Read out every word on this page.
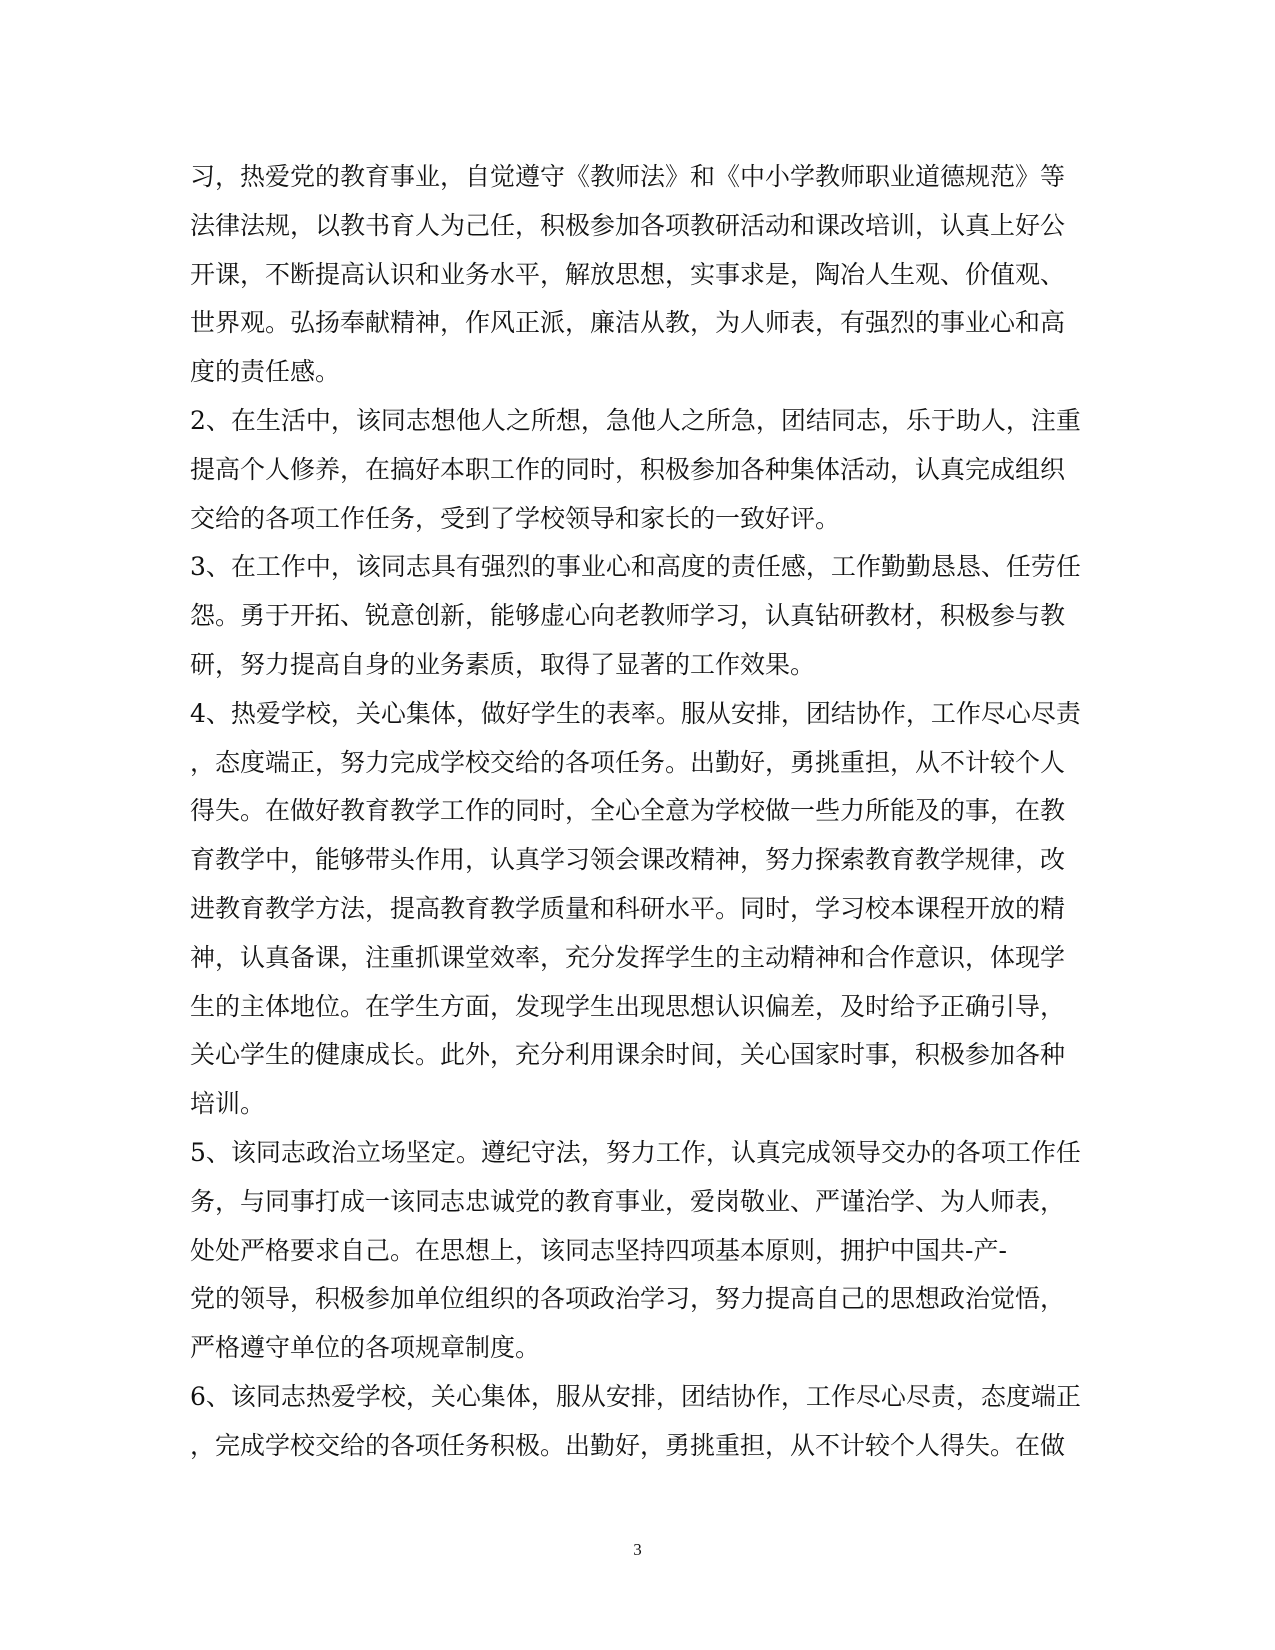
习，热爱党的教育事业，自觉遵守《教师法》和《中小学教师职业道德规范》等
法律法规，以教书育人为己任，积极参加各项教研活动和课改培训，认真上好公
开课，不断提高认识和业务水平，解放思想，实事求是，陶冶人生观、价值观、
世界观。弘扬奉献精神，作风正派，廉洁从教，为人师表，有强烈的事业心和高
度的责任感。
2、在生活中，该同志想他人之所想，急他人之所急，团结同志，乐于助人，注重
提高个人修养，在搞好本职工作的同时，积极参加各种集体活动，认真完成组织
交给的各项工作任务，受到了学校领导和家长的一致好评。
3、在工作中，该同志具有强烈的事业心和高度的责任感，工作勤勤恳恳、任劳任
怨。勇于开拓、锐意创新，能够虚心向老教师学习，认真钻研教材，积极参与教
研，努力提高自身的业务素质，取得了显著的工作效果。
4、热爱学校，关心集体，做好学生的表率。服从安排，团结协作，工作尽心尽责
，态度端正，努力完成学校交给的各项任务。出勤好，勇挑重担，从不计较个人
得失。在做好教育教学工作的同时，全心全意为学校做一些力所能及的事，在教
育教学中，能够带头作用，认真学习领会课改精神，努力探索教育教学规律，改
进教育教学方法，提高教育教学质量和科研水平。同时，学习校本课程开放的精
神，认真备课，注重抓课堂效率，充分发挥学生的主动精神和合作意识，体现学
生的主体地位。在学生方面，发现学生出现思想认识偏差，及时给予正确引导，
关心学生的健康成长。此外，充分利用课余时间，关心国家时事，积极参加各种
培训。
5、该同志政治立场坚定。遵纪守法，努力工作，认真完成领导交办的各项工作任
务，与同事打成一该同志忠诚党的教育事业，爱岗敬业、严谨治学、为人师表，
处处严格要求自己。在思想上，该同志坚持四项基本原则，拥护中国共-产-
党的领导，积极参加单位组织的各项政治学习，努力提高自己的思想政治觉悟，
严格遵守单位的各项规章制度。
6、该同志热爱学校，关心集体，服从安排，团结协作，工作尽心尽责，态度端正
，完成学校交给的各项任务积极。出勤好，勇挑重担，从不计较个人得失。在做
3
